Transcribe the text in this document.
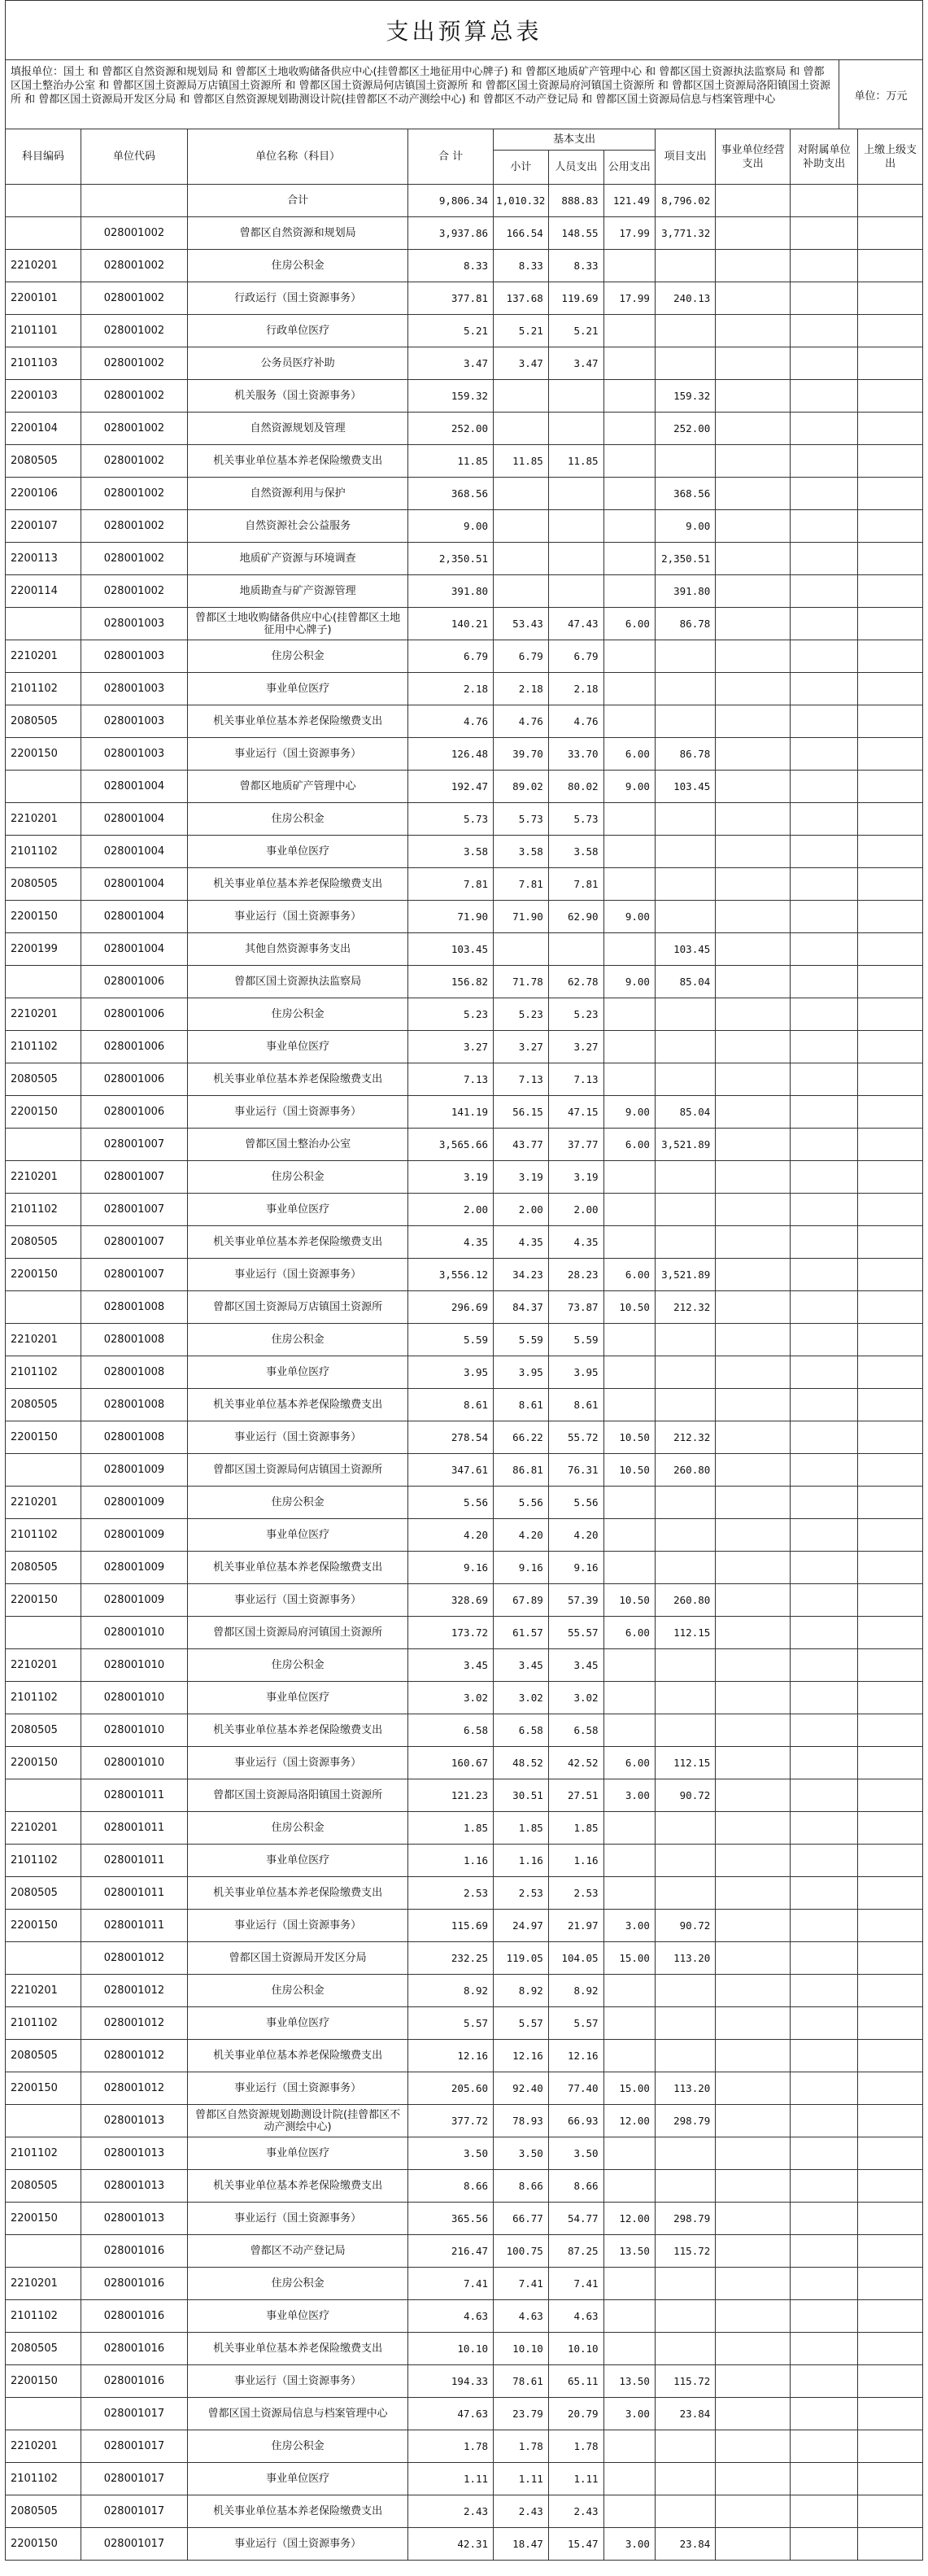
支出预算总表
填报单位：国土 和 曾都区自然资源和规划局 和 曾都区土地收购储备供应中心(挂曾都区土地征用中心牌子) 和 曾都区地质矿产管理中心 和 曾都区国土资源执法监察局 和 曾都区国土整治办公室 和 曾都区国土资源局万店镇国土资源所 和 曾都区国土资源局何店镇国土资源所 和 曾都区国土资源局府河镇国土资源所 和 曾都区国土资源局洛阳镇国土资源所 和 曾都区国土资源局开发区分局 和 曾都区自然资源规划勘测设计院(挂曾都区不动产测绘中心) 和 曾都区不动产登记局 和 曾都区国土资源局信息与档案管理中心	单位：万元
科目编码	单位代码	单位名称（科目）	合 计	基本支出			项目支出	事业单位经营支出	对附属单位补助支出	上缴上级支出
				小计	人员支出	公用支出				
		合计	9,806.34	1,010.32	888.83	121.49	8,796.02			
	028001002	曾都区自然资源和规划局	3,937.86	166.54	148.55	17.99	3,771.32			
2210201	028001002	住房公积金	8.33	8.33	8.33					
2200101	028001002	行政运行（国土资源事务）	377.81	137.68	119.69	17.99	240.13			
2101101	028001002	行政单位医疗	5.21	5.21	5.21					
2101103	028001002	公务员医疗补助	3.47	3.47	3.47					
2200103	028001002	机关服务（国土资源事务）	159.32				159.32			
2200104	028001002	自然资源规划及管理	252.00				252.00			
2080505	028001002	机关事业单位基本养老保险缴费支出	11.85	11.85	11.85					
2200106	028001002	自然资源利用与保护	368.56				368.56			
2200107	028001002	自然资源社会公益服务	9.00				9.00			
2200113	028001002	地质矿产资源与环境调查	2,350.51				2,350.51			
2200114	028001002	地质勘查与矿产资源管理	391.80				391.80			
	028001003	曾都区土地收购储备供应中心(挂曾都区土地征用中心牌子)	140.21	53.43	47.43	6.00	86.78			
2210201	028001003	住房公积金	6.79	6.79	6.79					
2101102	028001003	事业单位医疗	2.18	2.18	2.18					
2080505	028001003	机关事业单位基本养老保险缴费支出	4.76	4.76	4.76					
2200150	028001003	事业运行（国土资源事务）	126.48	39.70	33.70	6.00	86.78			
	028001004	曾都区地质矿产管理中心	192.47	89.02	80.02	9.00	103.45			
2210201	028001004	住房公积金	5.73	5.73	5.73					
2101102	028001004	事业单位医疗	3.58	3.58	3.58					
2080505	028001004	机关事业单位基本养老保险缴费支出	7.81	7.81	7.81					
2200150	028001004	事业运行（国土资源事务）	71.90	71.90	62.90	9.00				
2200199	028001004	其他自然资源事务支出	103.45				103.45			
	028001006	曾都区国土资源执法监察局	156.82	71.78	62.78	9.00	85.04			
2210201	028001006	住房公积金	5.23	5.23	5.23					
2101102	028001006	事业单位医疗	3.27	3.27	3.27					
2080505	028001006	机关事业单位基本养老保险缴费支出	7.13	7.13	7.13					
2200150	028001006	事业运行（国土资源事务）	141.19	56.15	47.15	9.00	85.04			
	028001007	曾都区国土整治办公室	3,565.66	43.77	37.77	6.00	3,521.89			
2210201	028001007	住房公积金	3.19	3.19	3.19					
2101102	028001007	事业单位医疗	2.00	2.00	2.00					
2080505	028001007	机关事业单位基本养老保险缴费支出	4.35	4.35	4.35					
2200150	028001007	事业运行（国土资源事务）	3,556.12	34.23	28.23	6.00	3,521.89			
	028001008	曾都区国土资源局万店镇国土资源所	296.69	84.37	73.87	10.50	212.32			
2210201	028001008	住房公积金	5.59	5.59	5.59					
2101102	028001008	事业单位医疗	3.95	3.95	3.95					
2080505	028001008	机关事业单位基本养老保险缴费支出	8.61	8.61	8.61					
2200150	028001008	事业运行（国土资源事务）	278.54	66.22	55.72	10.50	212.32			
	028001009	曾都区国土资源局何店镇国土资源所	347.61	86.81	76.31	10.50	260.80			
2210201	028001009	住房公积金	5.56	5.56	5.56					
2101102	028001009	事业单位医疗	4.20	4.20	4.20					
2080505	028001009	机关事业单位基本养老保险缴费支出	9.16	9.16	9.16					
2200150	028001009	事业运行（国土资源事务）	328.69	67.89	57.39	10.50	260.80			
	028001010	曾都区国土资源局府河镇国土资源所	173.72	61.57	55.57	6.00	112.15			
2210201	028001010	住房公积金	3.45	3.45	3.45					
2101102	028001010	事业单位医疗	3.02	3.02	3.02					
2080505	028001010	机关事业单位基本养老保险缴费支出	6.58	6.58	6.58					
2200150	028001010	事业运行（国土资源事务）	160.67	48.52	42.52	6.00	112.15			
	028001011	曾都区国土资源局洛阳镇国土资源所	121.23	30.51	27.51	3.00	90.72			
2210201	028001011	住房公积金	1.85	1.85	1.85					
2101102	028001011	事业单位医疗	1.16	1.16	1.16					
2080505	028001011	机关事业单位基本养老保险缴费支出	2.53	2.53	2.53					
2200150	028001011	事业运行（国土资源事务）	115.69	24.97	21.97	3.00	90.72			
	028001012	曾都区国土资源局开发区分局	232.25	119.05	104.05	15.00	113.20			
2210201	028001012	住房公积金	8.92	8.92	8.92					
2101102	028001012	事业单位医疗	5.57	5.57	5.57					
2080505	028001012	机关事业单位基本养老保险缴费支出	12.16	12.16	12.16					
2200150	028001012	事业运行（国土资源事务）	205.60	92.40	77.40	15.00	113.20			
	028001013	曾都区自然资源规划勘测设计院(挂曾都区不动产测绘中心)	377.72	78.93	66.93	12.00	298.79			
2101102	028001013	事业单位医疗	3.50	3.50	3.50					
2080505	028001013	机关事业单位基本养老保险缴费支出	8.66	8.66	8.66					
2200150	028001013	事业运行（国土资源事务）	365.56	66.77	54.77	12.00	298.79			
	028001016	曾都区不动产登记局	216.47	100.75	87.25	13.50	115.72			
2210201	028001016	住房公积金	7.41	7.41	7.41					
2101102	028001016	事业单位医疗	4.63	4.63	4.63					
2080505	028001016	机关事业单位基本养老保险缴费支出	10.10	10.10	10.10					
2200150	028001016	事业运行（国土资源事务）	194.33	78.61	65.11	13.50	115.72			
	028001017	曾都区国土资源局信息与档案管理中心	47.63	23.79	20.79	3.00	23.84			
2210201	028001017	住房公积金	1.78	1.78	1.78					
2101102	028001017	事业单位医疗	1.11	1.11	1.11					
2080505	028001017	机关事业单位基本养老保险缴费支出	2.43	2.43	2.43					
2200150	028001017	事业运行（国土资源事务）	42.31	18.47	15.47	3.00	23.84			
